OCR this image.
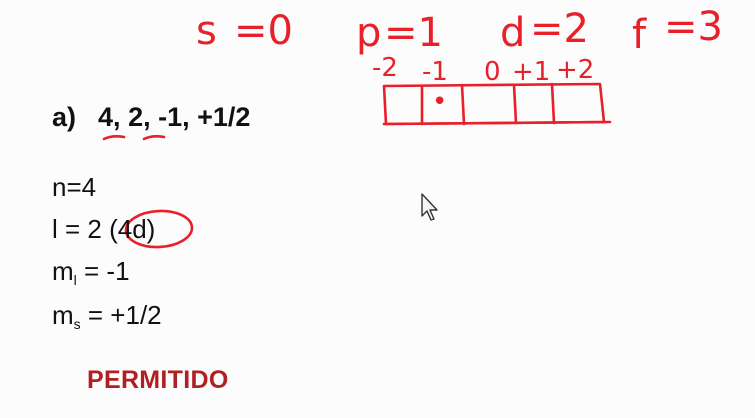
s =0 p =1 d =2 f =3
-2 -1 0 +1 +2
•
a) 4, 2, -1, +1/2
n=4
l = 2 (4d)
$m_l = -1$
$m_s = +1/2$
PERMITIDO
